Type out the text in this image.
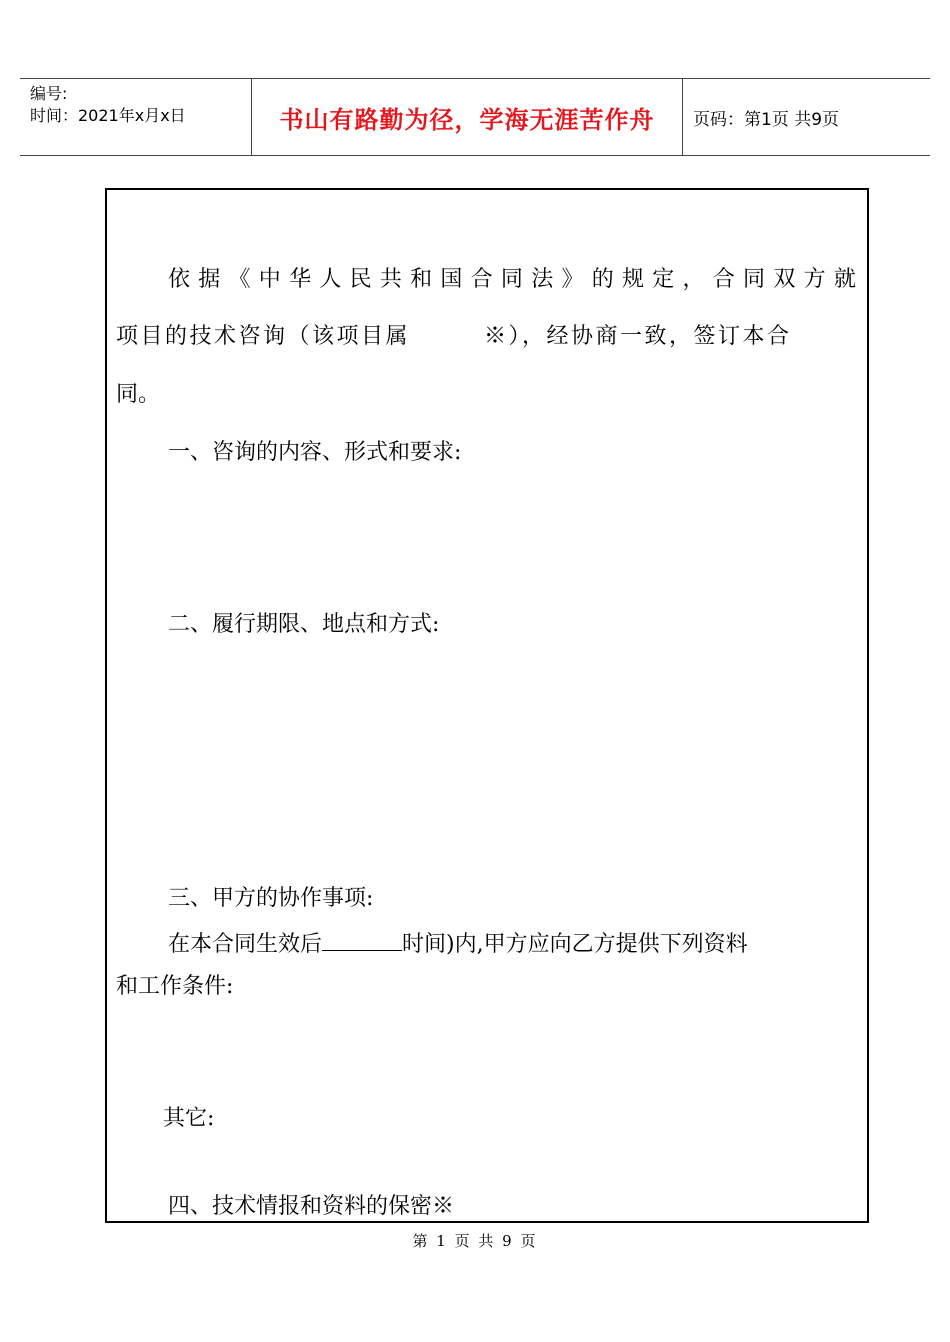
编号:
时间：2021年x月x日	书山有路勤为径，学海无涯苦作舟 页码：第1页 共9页
依 据 《 中 华 人 民 共 和 国 合 同 法 》 的 规 定 ， 合 同 双 方 就
项目的技术咨询（该项目属	※），经协商一致，签订本合
同。
一、咨询的内容、形式和要求:
二、履行期限、地点和方式:
三、甲方的协作事项:
在本合同生效后	时间)内,甲方应向乙方提供下列资料
和工作条件:
其它:
四、技术情报和资料的保密※
第 1 页 共 9 页
